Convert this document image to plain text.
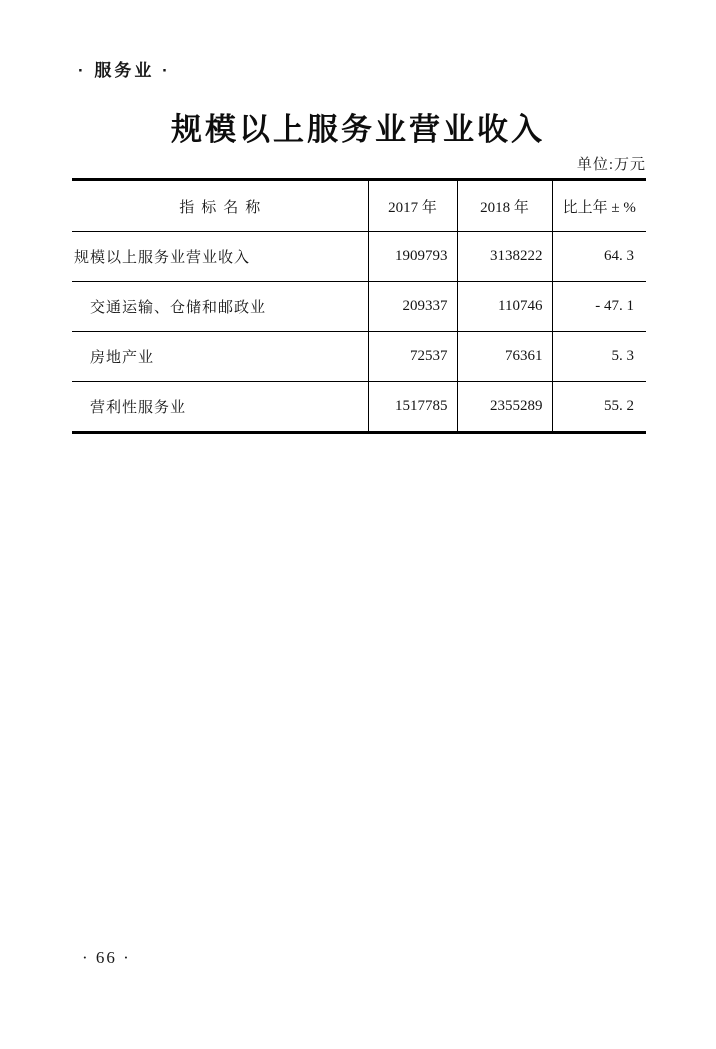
· 服务业 ·
规模以上服务业营业收入
单位:万元
指标名称	2017 年	2018 年	比上年 ± %
规模以上服务业营业收入	1909793	3138222	64. 3
交通运输、仓储和邮政业	209337	110746	- 47. 1
房地产业	72537	76361	5. 3
营利性服务业	1517785	2355289	55. 2
· 66 ·
